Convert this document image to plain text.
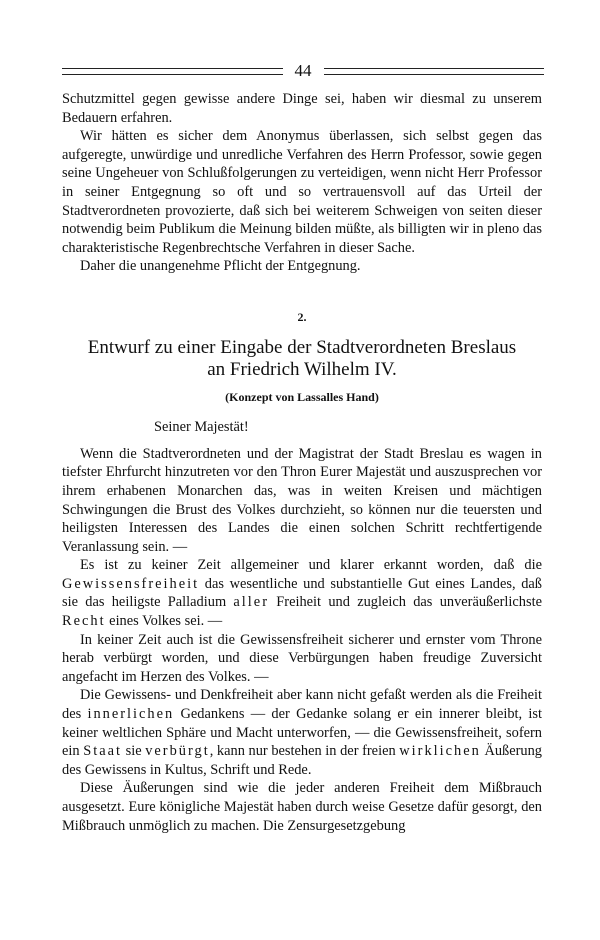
44

Schutzmittel gegen gewisse andere Dinge sei, haben wir diesmal zu unserem Bedauern erfahren.

Wir hätten es sicher dem Anonymus überlassen, sich selbst gegen das aufgeregte, unwürdige und unredliche Verfahren des Herrn Professor, sowie gegen seine Ungeheuer von Schlußfolgerungen zu verteidigen, wenn nicht Herr Professor in seiner Entgegnung so oft und so vertrauensvoll auf das Urteil der Stadtverordneten provozierte, daß sich bei weiterem Schweigen von seiten dieser notwendig beim Publikum die Meinung bilden müßte, als billigten wir in pleno das charakteristische Regenbrechtsche Verfahren in dieser Sache.

Daher die unangenehme Pflicht der Entgegnung.

2.
Entwurf zu einer Eingabe der Stadtverordneten Breslaus
an Friedrich Wilhelm IV.
(Konzept von Lassalles Hand)
Seiner Majestät!

Wenn die Stadtverordneten und der Magistrat der Stadt Breslau es wagen in tiefster Ehrfurcht hinzutreten vor den Thron Eurer Majestät und auszusprechen vor ihrem erhabenen Monarchen das, was in weiten Kreisen und mächtigen Schwingungen die Brust des Volkes durchzieht, so können nur die teuersten und heiligsten Interessen des Landes die einen solchen Schritt rechtfertigende Veranlassung sein. —

Es ist zu keiner Zeit allgemeiner und klarer erkannt worden, daß die Gewissensfreiheit das wesentliche und substantielle Gut eines Landes, daß sie das heiligste Palladium aller Freiheit und zugleich das unveräußerlichste Recht eines Volkes sei. —

In keiner Zeit auch ist die Gewissensfreiheit sicherer und ernster vom Throne herab verbürgt worden, und diese Verbürgungen haben freudige Zuversicht angefacht im Herzen des Volkes. —

Die Gewissens- und Denkfreiheit aber kann nicht gefaßt werden als die Freiheit des innerlichen Gedankens — der Gedanke solang er ein innerer bleibt, ist keiner weltlichen Sphäre und Macht unterworfen, — die Gewissensfreiheit, sofern ein Staat sie verbürgt, kann nur bestehen in der freien wirklichen Äußerung des Gewissens in Kultus, Schrift und Rede.

Diese Äußerungen sind wie die jeder anderen Freiheit dem Mißbrauch ausgesetzt. Eure königliche Majestät haben durch weise Gesetze dafür gesorgt, den Mißbrauch unmöglich zu machen. Die Zensurgesetzgebung
